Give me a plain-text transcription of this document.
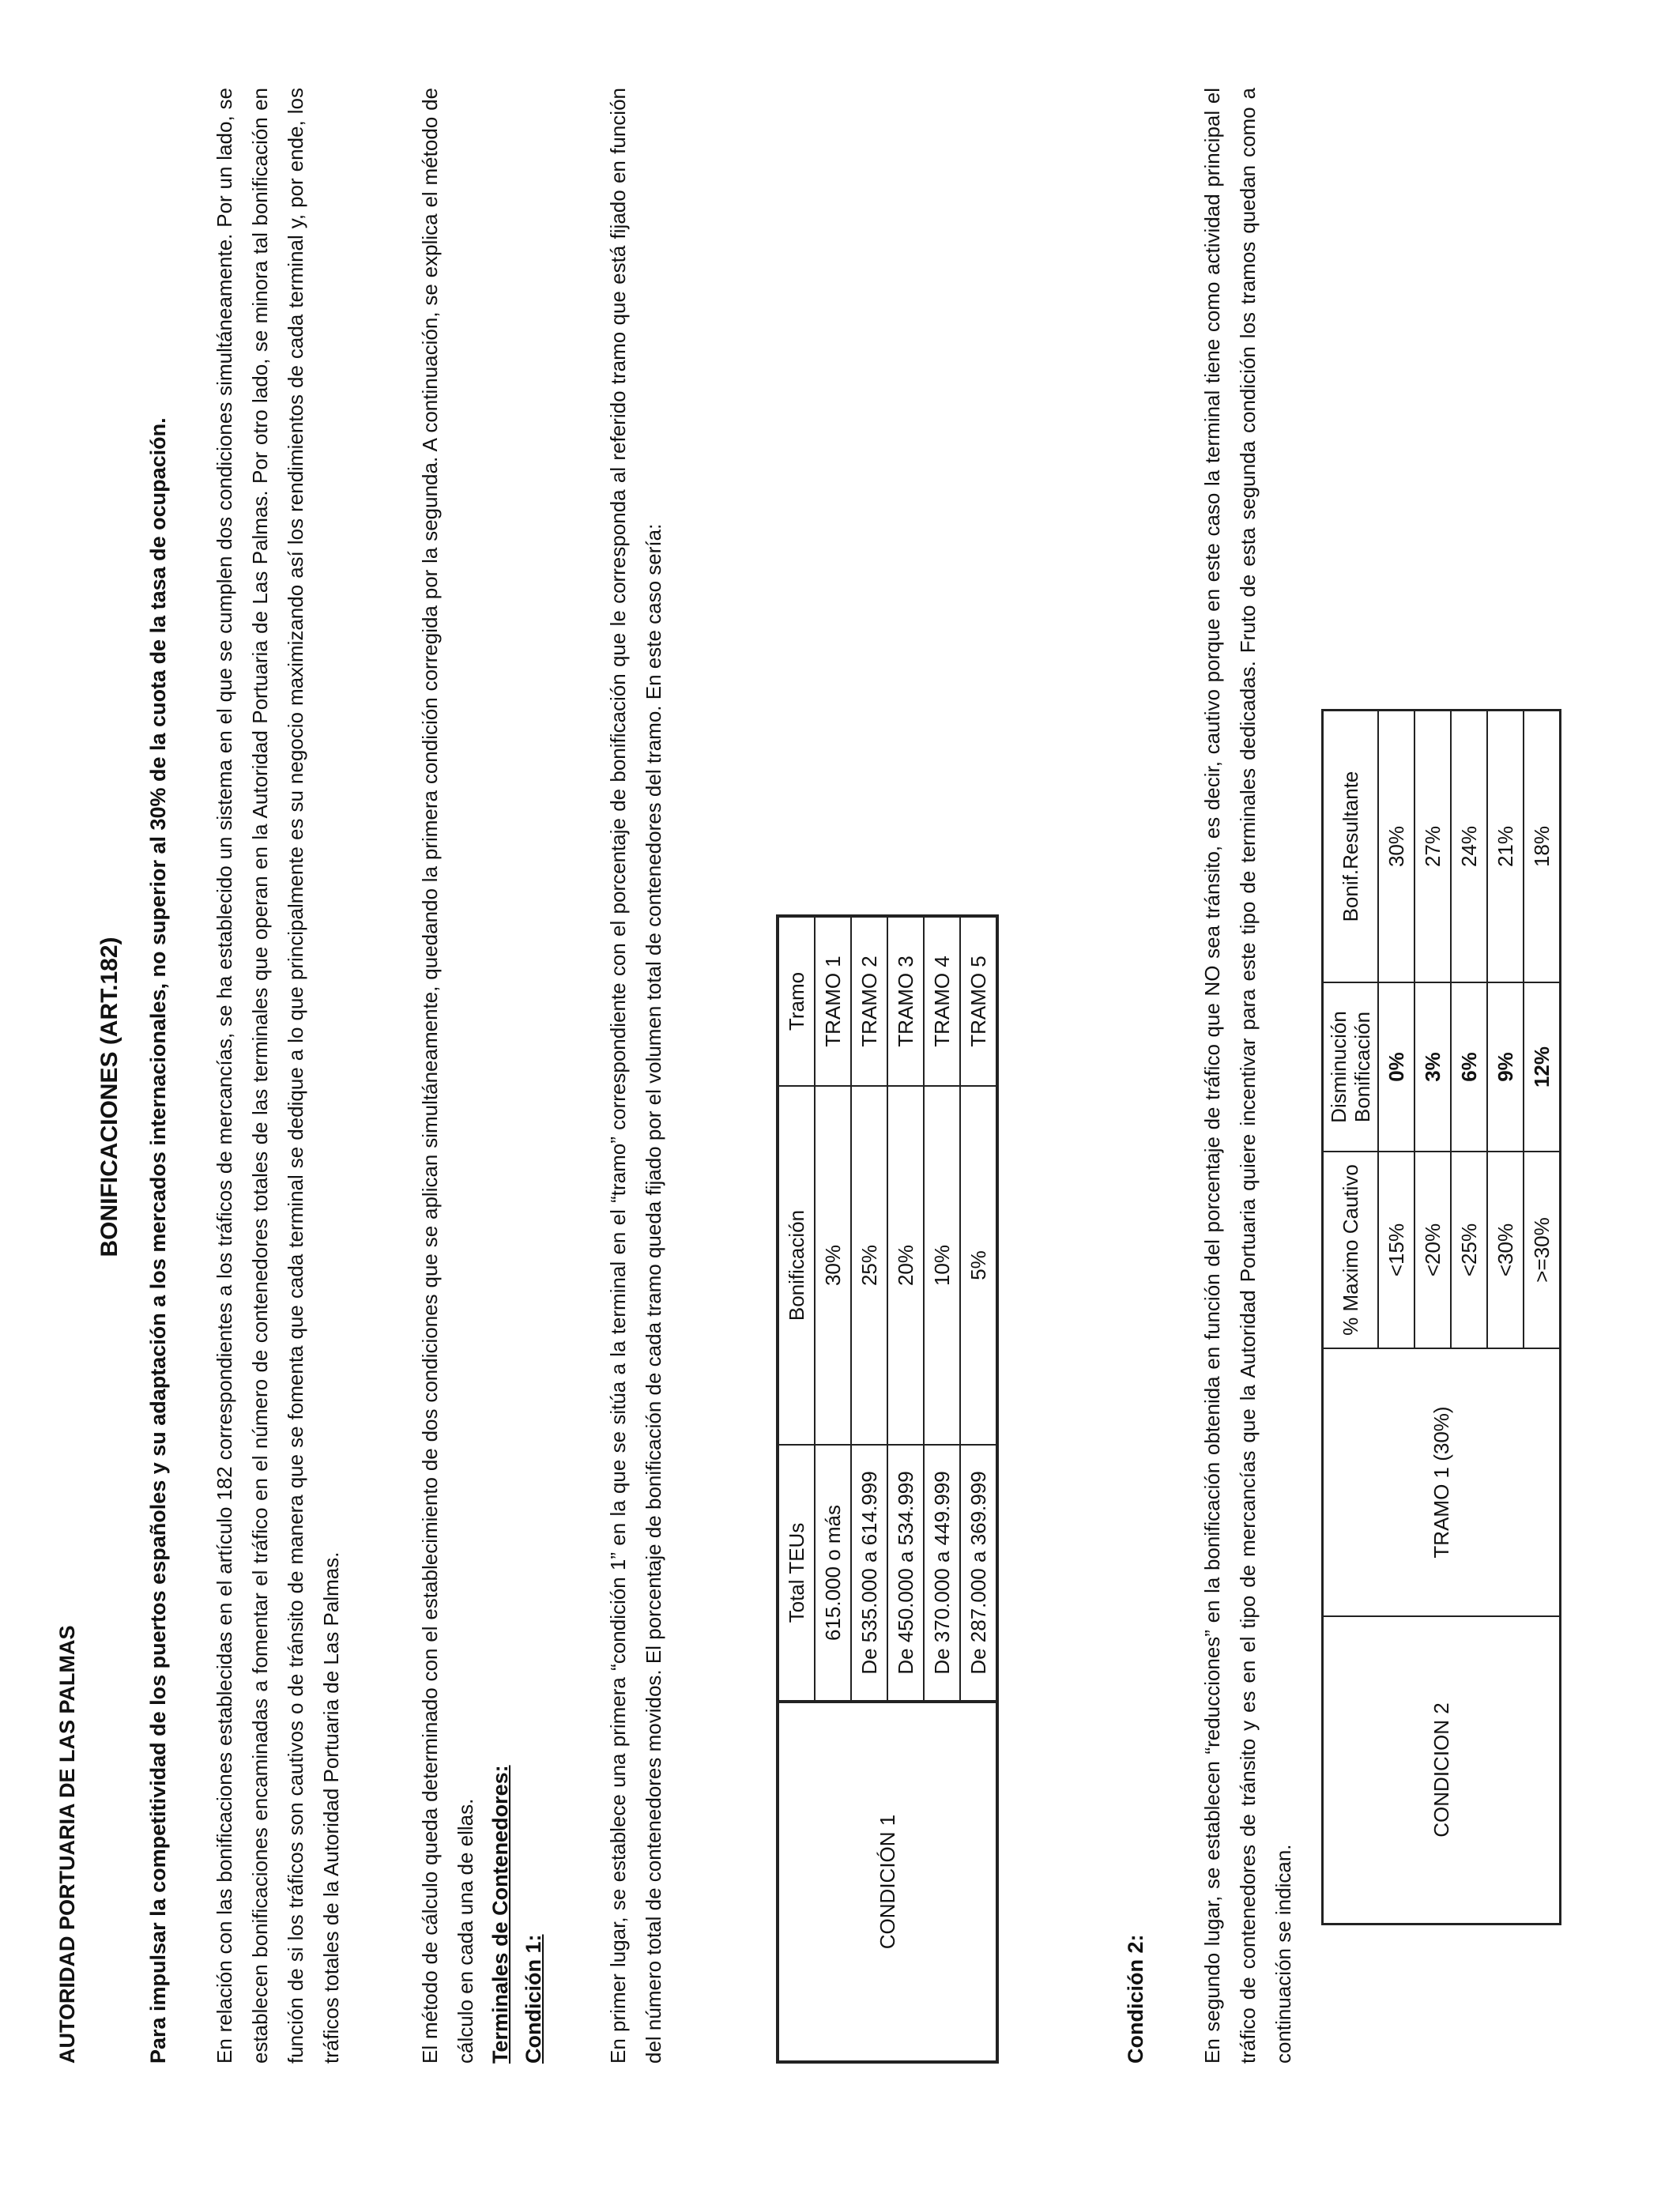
AUTORIDAD PORTUARIA DE LAS PALMAS
BONIFICACIONES (ART.182) Para impulsar la competitividad de los puertos españoles y su adaptación a los mercados internacionales, no superior al 30% de la cuota de la tasa de ocupación. En relación con las bonificaciones establecidas en el artículo 182 correspondientes a los tráficos de mercancías, se ha establecido un sistema en el que se cumplen dos condiciones simultáneamente. Por un lado, se establecen bonificaciones encaminadas a fomentar el tráfico en el número de contenedores totales de las terminales que operan en la Autoridad Portuaria de Las Palmas. Por otro lado, se minora tal bonificación en función de si los tráficos son cautivos o de tránsito de manera que se fomenta que cada terminal se dedique a lo que principalmente es su negocio maximizando así los rendimientos de cada terminal y, por ende, los tráficos totales de la Autoridad Portuaria de Las Palmas.	El método de cálculo queda determinado con el establecimiento de dos condiciones que se aplican simultáneamente, quedando la primera condición corregida por la segunda. A continuación, se explica el método de cálculo en cada una de ellas. Terminales de Contenedores: Condición 1:	En primer lugar, se establece una primera “condición 1” en la que se sitúa a la terminal en el “tramo” correspondiente con el porcentaje de bonificación que le corresponda al referido tramo que está fijado en función del número total de contenedores movidos. El porcentaje de bonificación de cada tramo queda fijado por el volumen total de contenedores del tramo. En este caso sería:	CONDICIÓN 1	Total TEUs	Bonificación	Tramo
	615.000 o más	30%	TRAMO 1
	De 535.000 a 614.999	25%	TRAMO 2
	De 450.000 a 534.999	20%	TRAMO 3
	De 370.000 a 449.999	10%	TRAMO 4
	De 287.000 a 369.999	5%	TRAMO 5
Condición 2:	En segundo lugar, se establecen “reducciones” en la bonificación obtenida en función del porcentaje de tráfico que NO sea tránsito, es decir, cautivo porque en este caso la terminal tiene como actividad principal el tráfico de contenedores de tránsito y es en el tipo de mercancías que la Autoridad Portuaria quiere incentivar para este tipo de terminales dedicadas. Fruto de esta segunda condición los tramos quedan como a continuación se indican.
CONDICION 2	TRAMO 1 (30%)	% Maximo Cautivo	Disminución Bonificación	Bonif.Resultante
		<15%	0%	30%
		<20%	3%	27%
		<25%	6%	24%
		<30%	9%	21%
		>=30%	12%	18%
